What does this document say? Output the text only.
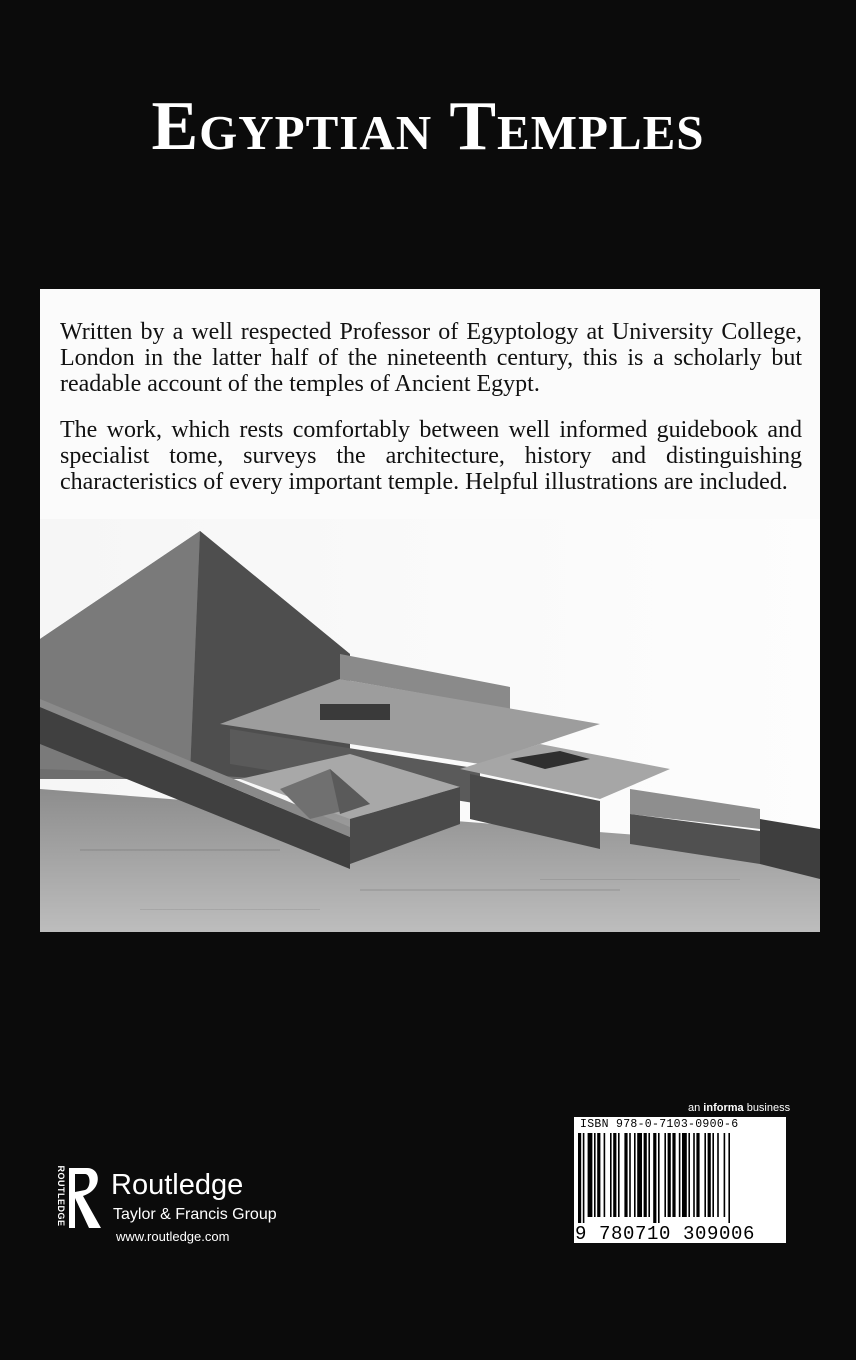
Egyptian Temples

Written by a well respected Professor of Egyptology at University College, London in the latter half of the nineteenth century, this is a scholarly but readable account of the temples of Ancient Egypt.

The work, which rests comfortably between well informed guidebook and specialist tome, surveys the architecture, history and distinguishing characteristics of every important temple. Helpful illustrations are included.

ROUTLEDGE Routledge
Taylor & Francis Group
www.routledge.com
an informa business
ISBN 978-0-7103-0900-6
9 780710 309006
